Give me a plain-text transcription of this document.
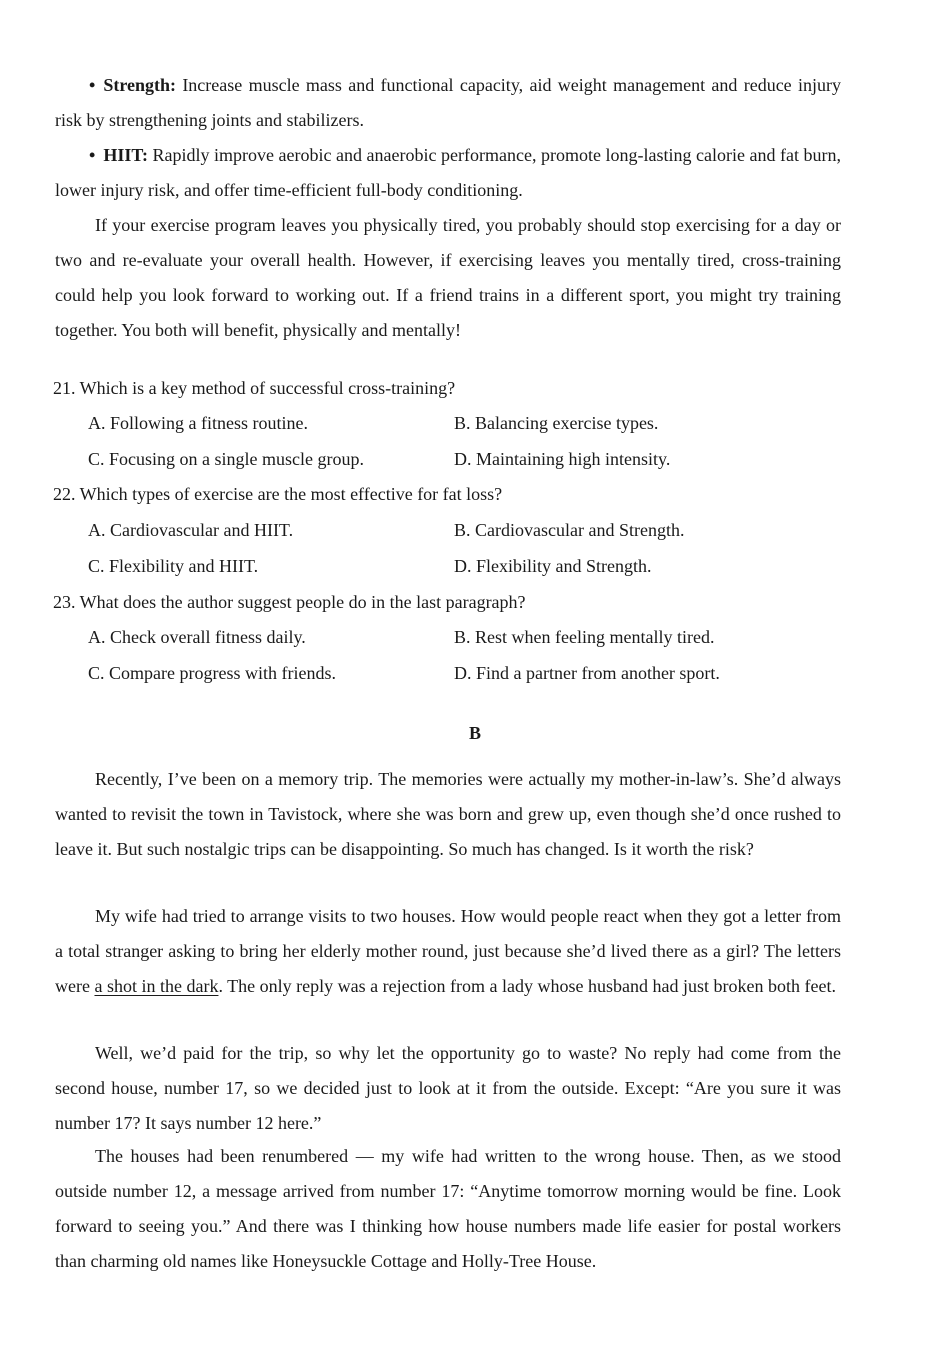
• Strength: Increase muscle mass and functional capacity, aid weight management and reduce injury risk by strengthening joints and stabilizers.
• HIIT: Rapidly improve aerobic and anaerobic performance, promote long-lasting calorie and fat burn, lower injury risk, and offer time-efficient full-body conditioning.
If your exercise program leaves you physically tired, you probably should stop exercising for a day or two and re-evaluate your overall health. However, if exercising leaves you mentally tired, cross-training could help you look forward to working out. If a friend trains in a different sport, you might try training together. You both will benefit, physically and mentally!
21. Which is a key method of successful cross-training?
A. Following a fitness routine.	B. Balancing exercise types.
C. Focusing on a single muscle group.	D. Maintaining high intensity.
22. Which types of exercise are the most effective for fat loss?
A. Cardiovascular and HIIT.	B. Cardiovascular and Strength.
C. Flexibility and HIIT.	D. Flexibility and Strength.
23. What does the author suggest people do in the last paragraph?
A. Check overall fitness daily.	B. Rest when feeling mentally tired.
C. Compare progress with friends.	D. Find a partner from another sport.
B
Recently, I’ve been on a memory trip. The memories were actually my mother-in-law’s. She’d always wanted to revisit the town in Tavistock, where she was born and grew up, even though she’d once rushed to leave it. But such nostalgic trips can be disappointing. So much has changed. Is it worth the risk?
My wife had tried to arrange visits to two houses. How would people react when they got a letter from a total stranger asking to bring her elderly mother round, just because she’d lived there as a girl? The letters were a shot in the dark. The only reply was a rejection from a lady whose husband had just broken both feet.
Well, we’d paid for the trip, so why let the opportunity go to waste? No reply had come from the second house, number 17, so we decided just to look at it from the outside. Except: “Are you sure it was number 17? It says number 12 here.”
The houses had been renumbered — my wife had written to the wrong house. Then, as we stood outside number 12, a message arrived from number 17: “Anytime tomorrow morning would be fine. Look forward to seeing you.” And there was I thinking how house numbers made life easier for postal workers than charming old names like Honeysuckle Cottage and Holly-Tree House.
